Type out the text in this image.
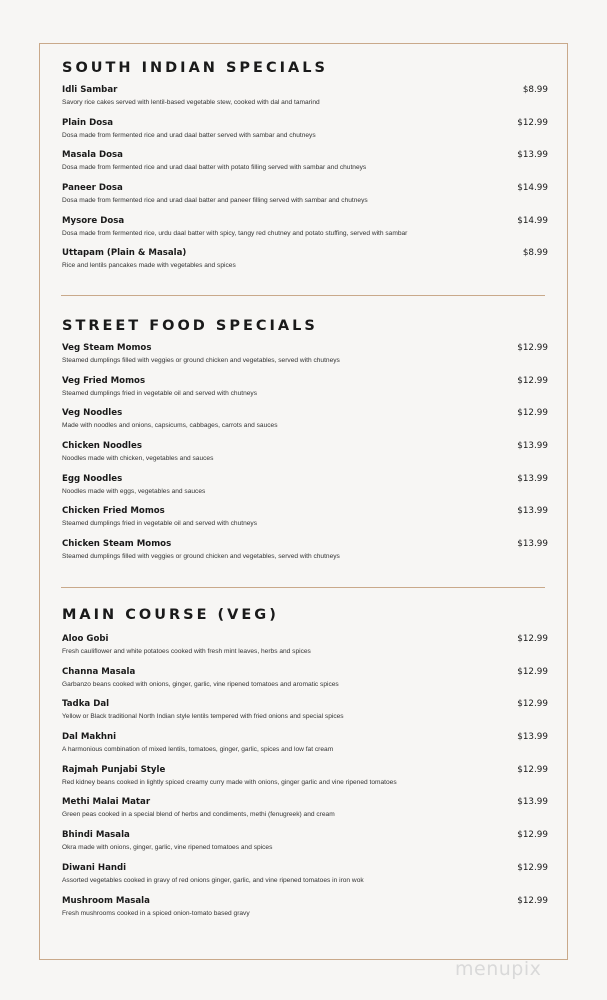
SOUTH INDIAN SPECIALS
Idli Sambar	$8.99
Savory rice cakes served with lentil-based vegetable stew, cooked with dal and tamarind
Plain Dosa	$12.99
Dosa made from fermented rice and urad daal batter served with sambar and chutneys
Masala Dosa	$13.99
Dosa made from fermented rice and urad daal batter with potato filling served with sambar and chutneys
Paneer Dosa	$14.99
Dosa made from fermented rice and urad daal batter and paneer filling served with sambar and chutneys
Mysore Dosa	$14.99
Dosa made from fermented rice, urdu daal batter with spicy, tangy red chutney and potato stuffing, served with sambar
Uttapam (Plain & Masala)	$8.99
Rice and lentils pancakes made with vegetables and spices
STREET FOOD SPECIALS
Veg Steam Momos	$12.99
Steamed dumplings filled with veggies or ground chicken and vegetables, served with chutneys
Veg Fried Momos	$12.99
Steamed dumplings fried in vegetable oil and served with chutneys
Veg Noodles	$12.99
Made with noodles and onions, capsicums, cabbages, carrots and sauces
Chicken Noodles	$13.99
Noodles made with chicken, vegetables and sauces
Egg Noodles	$13.99
Noodles made with eggs, vegetables and sauces
Chicken Fried Momos	$13.99
Steamed dumplings fried in vegetable oil and served with chutneys
Chicken Steam Momos	$13.99
Steamed dumplings filled with veggies or ground chicken and vegetables, served with chutneys
MAIN COURSE (VEG)
Aloo Gobi	$12.99
Fresh cauliflower and white potatoes cooked with fresh mint leaves, herbs and spices
Channa Masala	$12.99
Garbanzo beans cooked with onions, ginger, garlic, vine ripened tomatoes and aromatic spices
Tadka Dal	$12.99
Yellow or Black traditional North Indian style lentils tempered with fried onions and special spices
Dal Makhni	$13.99
A harmonious combination of mixed lentils, tomatoes, ginger, garlic, spices and low fat cream
Rajmah Punjabi Style	$12.99
Red kidney beans cooked in lightly spiced creamy curry made with onions, ginger garlic and vine ripened tomatoes
Methi Malai Matar	$13.99
Green peas cooked in a special blend of herbs and condiments, methi (fenugreek) and cream
Bhindi Masala	$12.99
Okra made with onions, ginger, garlic, vine ripened tomatoes and spices
Diwani Handi	$12.99
Assorted vegetables cooked in gravy of red onions ginger, garlic, and vine ripened tomatoes in iron wok
Mushroom Masala	$12.99
Fresh mushrooms cooked in a spiced onion-tomato based gravy
menupix
